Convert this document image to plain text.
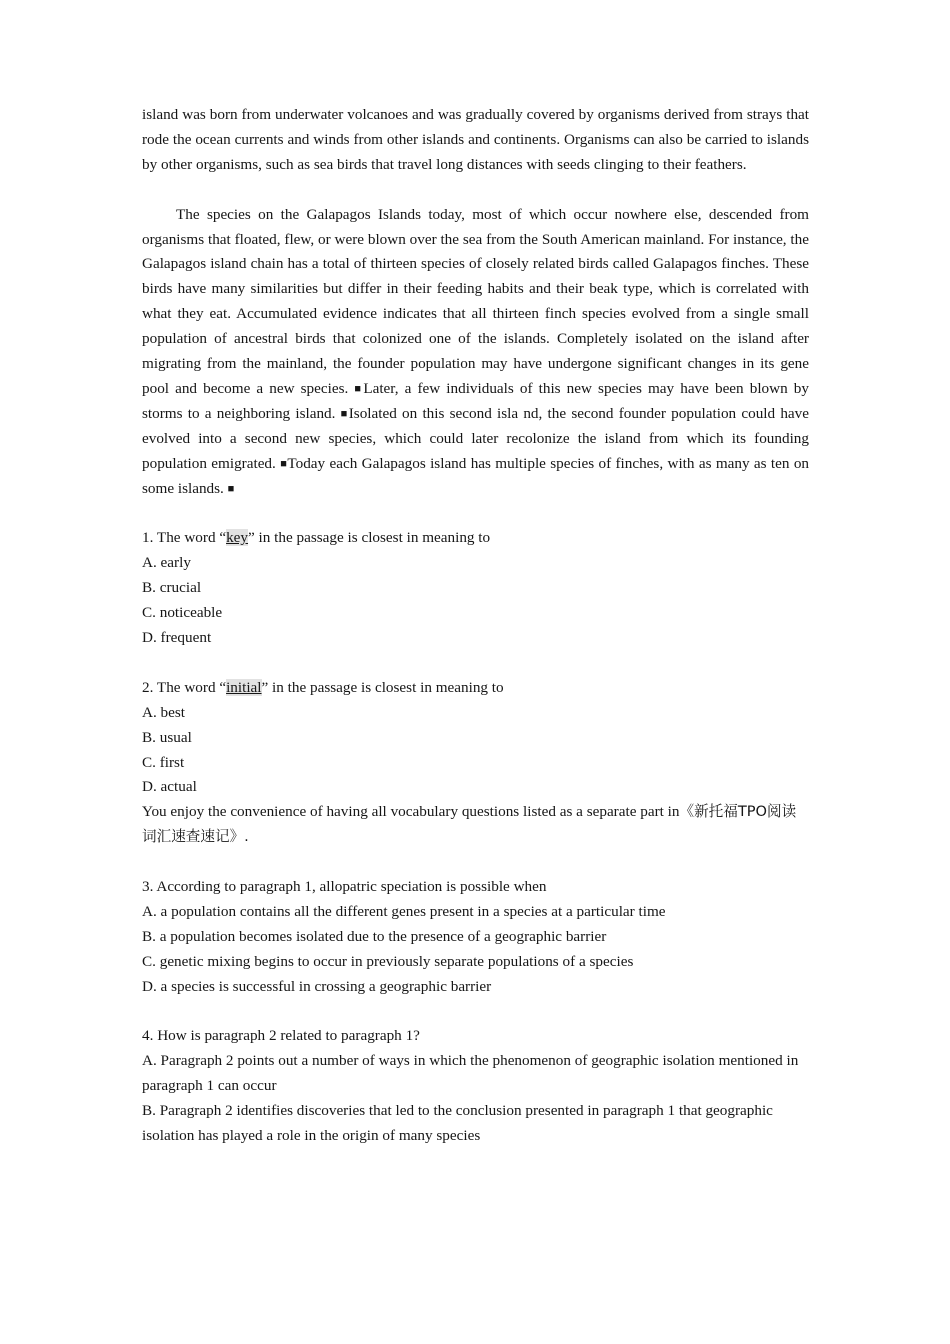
island was born from underwater volcanoes and was gradually covered by organisms derived from strays that rode the ocean currents and winds from other islands and continents. Organisms can also be carried to islands by other organisms, such as sea birds that travel long distances with seeds clinging to their feathers.

The species on the Galapagos Islands today, most of which occur nowhere else, descended from organisms that floated, flew, or were blown over the sea from the South American mainland. For instance, the Galapagos island chain has a total of thirteen species of closely related birds called Galapagos finches. These birds have many similarities but differ in their feeding habits and their beak type, which is correlated with what they eat. Accumulated evidence indicates that all thirteen finch species evolved from a single small population of ancestral birds that colonized one of the islands. Completely isolated on the island after migrating from the mainland, the founder population may have undergone significant changes in its gene pool and become a new species. ■Later, a few individuals of this new species may have been blown by storms to a neighboring island. ■Isolated on this second isla nd, the second founder population could have evolved into a second new species, which could later recolonize the island from which its founding population emigrated. ■Today each Galapagos island has multiple species of finches, with as many as ten on some islands. ■

1. The word “key” in the passage is closest in meaning to

A. early

B. crucial

C. noticeable

D. frequent

2. The word “initial” in the passage is closest in meaning to

A. best

B. usual

C. first

D. actual

You enjoy the convenience of having all vocabulary questions listed as a separate part in《新托福TPO阅读词汇速查速记》.

3. According to paragraph 1, allopatric speciation is possible when

A. a population contains all the different genes present in a species at a particular time

B. a population becomes isolated due to the presence of a geographic barrier

C. genetic mixing begins to occur in previously separate populations of a species

D. a species is successful in crossing a geographic barrier

4. How is paragraph 2 related to paragraph 1?

A. Paragraph 2 points out a number of ways in which the phenomenon of geographic isolation mentioned in paragraph 1 can occur

B. Paragraph 2 identifies discoveries that led to the conclusion presented in paragraph 1 that geographic isolation has played a role in the origin of many species
